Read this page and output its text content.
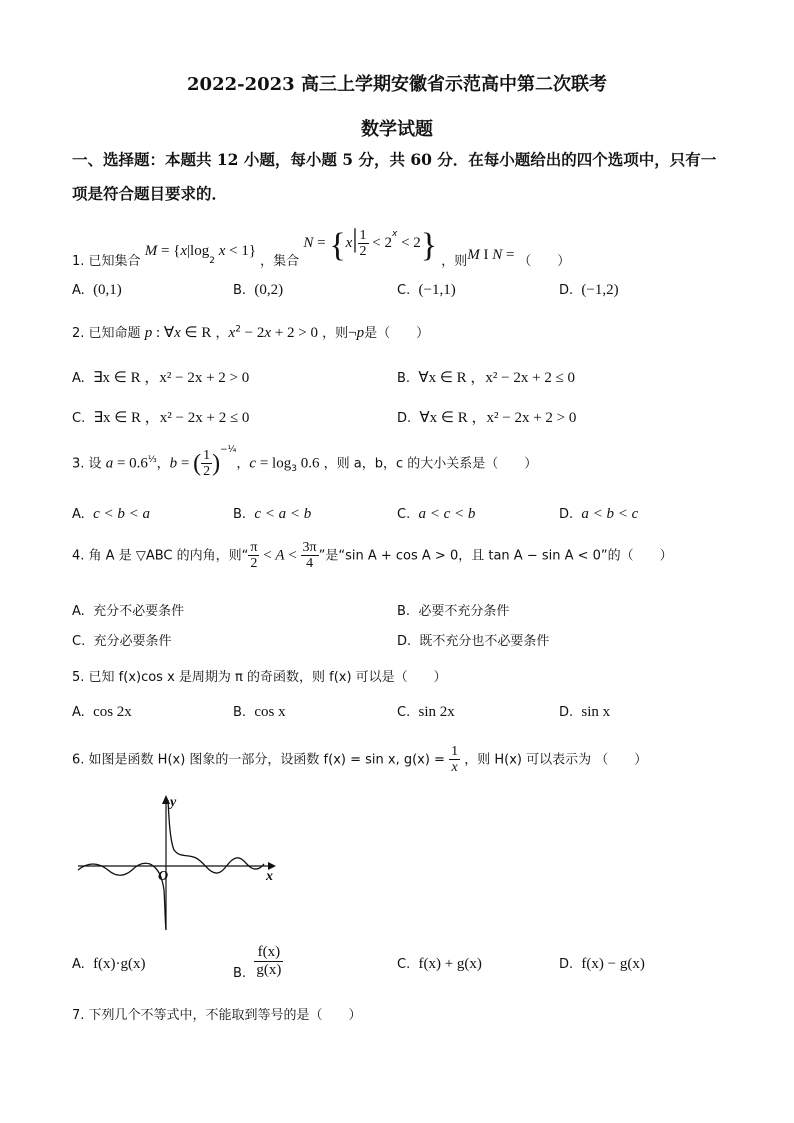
2022-2023 高三上学期安徽省示范高中第二次联考
数学试题
一、选择题：本题共 12 小题，每小题 5 分，共 60 分．在每小题给出的四个选项中，只有一
项是符合题目要求的．
1. 已知集合 $M = \{x|\log_2$ x < 1} ，集合 $N = \{x| \frac{1}{2} < 2^x < 2\}$ ，则M I N = （　　）
A. (0,1)	B. (0,2)	C. (−1,1)	D. (−1,2)
2. 已知命题 p : ∀x ∈ R ，$x^2 - 2x + 2 > 0$ ，则¬p是（　　）
A. ∃x ∈ R ，x² − 2x + 2 > 0	B. ∀x ∈ R ，x² − 2x + 2 ≤ 0
C. ∃x ∈ R ，x² − 2x + 2 ≤ 0	D. ∀x ∈ R ，x² − 2x + 2 > 0
3. 设 $a = 0.6^{\frac{1}{3}}$，b = ( $\frac{1}{2} )^{-\frac{1}{4}}$，$c = \log_3 0.6$ ，则 a，b，c 的大小关系是（　　）
A. c < b < a	B. c < a < b	C. a < c < b	D. a < b < c
4. 角 A 是 ▽ABC 的内角，则“ $\frac{\pi}{2} < A < \frac{3\pi}{4}$ ”是“sin A + cos A > 0，且 tan A − sin A < 0”的（　　）
A. 充分不必要条件	B. 必要不充分条件
C. 充分必要条件	D. 既不充分也不必要条件
5. 已知 f(x)cos x 是周期为 π 的奇函数，则 f(x) 可以是（　　）
A. cos 2x	B. cos x	C. sin 2x	D. sin x
6. 如图是函数 H(x) 图象的一部分，设函数 f(x) = sin x, $g(x) = \frac{1}{x}$ ，则 H(x) 可以表示为 （　　）
y
x
O
A. f(x)·g(x)
B. $\frac{f(x)}{g(x)}$	C. f(x) + g(x)	D. f(x) − g(x)
7. 下列几个不等式中，不能取到等号的是（　　）
